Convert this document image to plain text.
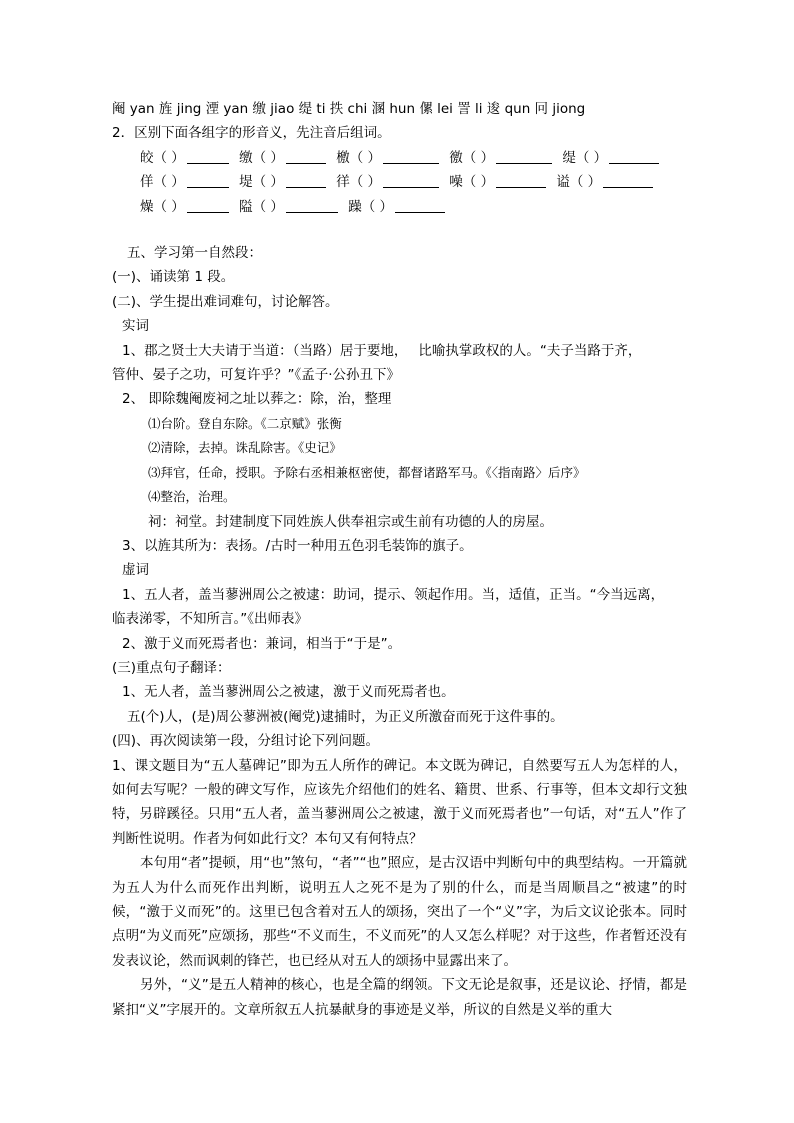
阉 yan 旌 jing 湮 yan 缴 jiao 缇 ti 抶 chi 溷 hun 傫 lei 詈 li 逡 qun 冋 jiong
2．区别下面各组字的形音义，先注音后组词。
皎（ ）	缴（ ）	檄（ ）	徼（ ）	缇（ ）
佯（ ）	堤（ ）	徉（ ）	噪（ ）	谥（ ）
燥（ ）	隘（ ）	躁（ ）
五、学习第一自然段：
(一)、诵读第 1 段。
(二)、学生提出难词难句，讨论解答。
实词
1、郡之贤士大夫请于当道：（当路）居于要地，　 比喻执掌政权的人。“夫子当路于齐，
管仲、晏子之功，可复许乎？”《孟子·公孙丑下》
2、 即除魏阉废祠之址以葬之：除，治，整理
⑴台阶。登自东除。《二京赋》张衡
⑵清除，去掉。诛乱除害。《史记》
⑶拜官，任命，授职。予除右丞相兼枢密使，都督诸路军马。《〈指南路〉后序》
⑷整治，治理。
祠：祠堂。封建制度下同姓族人供奉祖宗或生前有功德的人的房屋。
3、以旌其所为：表扬。/古时一种用五色羽毛装饰的旗子。
虚词
1、五人者，盖当蓼洲周公之被逮：助词，提示、领起作用。当，适值，正当。“今当远离，
临表涕零，不知所言。”《出师表》
2、激于义而死焉者也：兼词，相当于“于是”。
(三)重点句子翻译：
1、无人者，盖当蓼洲周公之被逮，激于义而死焉者也。
五(个)人，(是)周公蓼洲被(阉党)逮捕时，为正义所激奋而死于这件事的。
(四)、再次阅读第一段，分组讨论下列问题。
1、课文题目为“五人墓碑记”即为五人所作的碑记。本文既为碑记，自然要写五人为怎样的人，如何去写呢？一般的碑文写作，应该先介绍他们的姓名、籍贯、世系、行事等，但本文却行文独特，另辟蹊径。只用“五人者，盖当蓼洲周公之被逮，激于义而死焉者也”一句话，对“五人”作了判断性说明。作者为何如此行文？本句又有何特点？
本句用“者”提顿，用“也”煞句，“者”“也”照应，是古汉语中判断句中的典型结构。一开篇就为五人为什么而死作出判断，说明五人之死不是为了别的什么，而是当周顺昌之“被逮”的时候，“激于义而死”的。这里已包含着对五人的颂扬，突出了一个“义”字，为后文议论张本。同时点明“为义而死”应颂扬，那些“不义而生，不义而死”的人又怎么样呢？对于这些，作者暂还没有发表议论，然而讽刺的锋芒，也已经从对五人的颂扬中显露出来了。
另外，“义”是五人精神的核心，也是全篇的纲领。下文无论是叙事，还是议论、抒情，都是紧扣“义”字展开的。文章所叙五人抗暴献身的事迹是义举，所议的自然是义举的重大
